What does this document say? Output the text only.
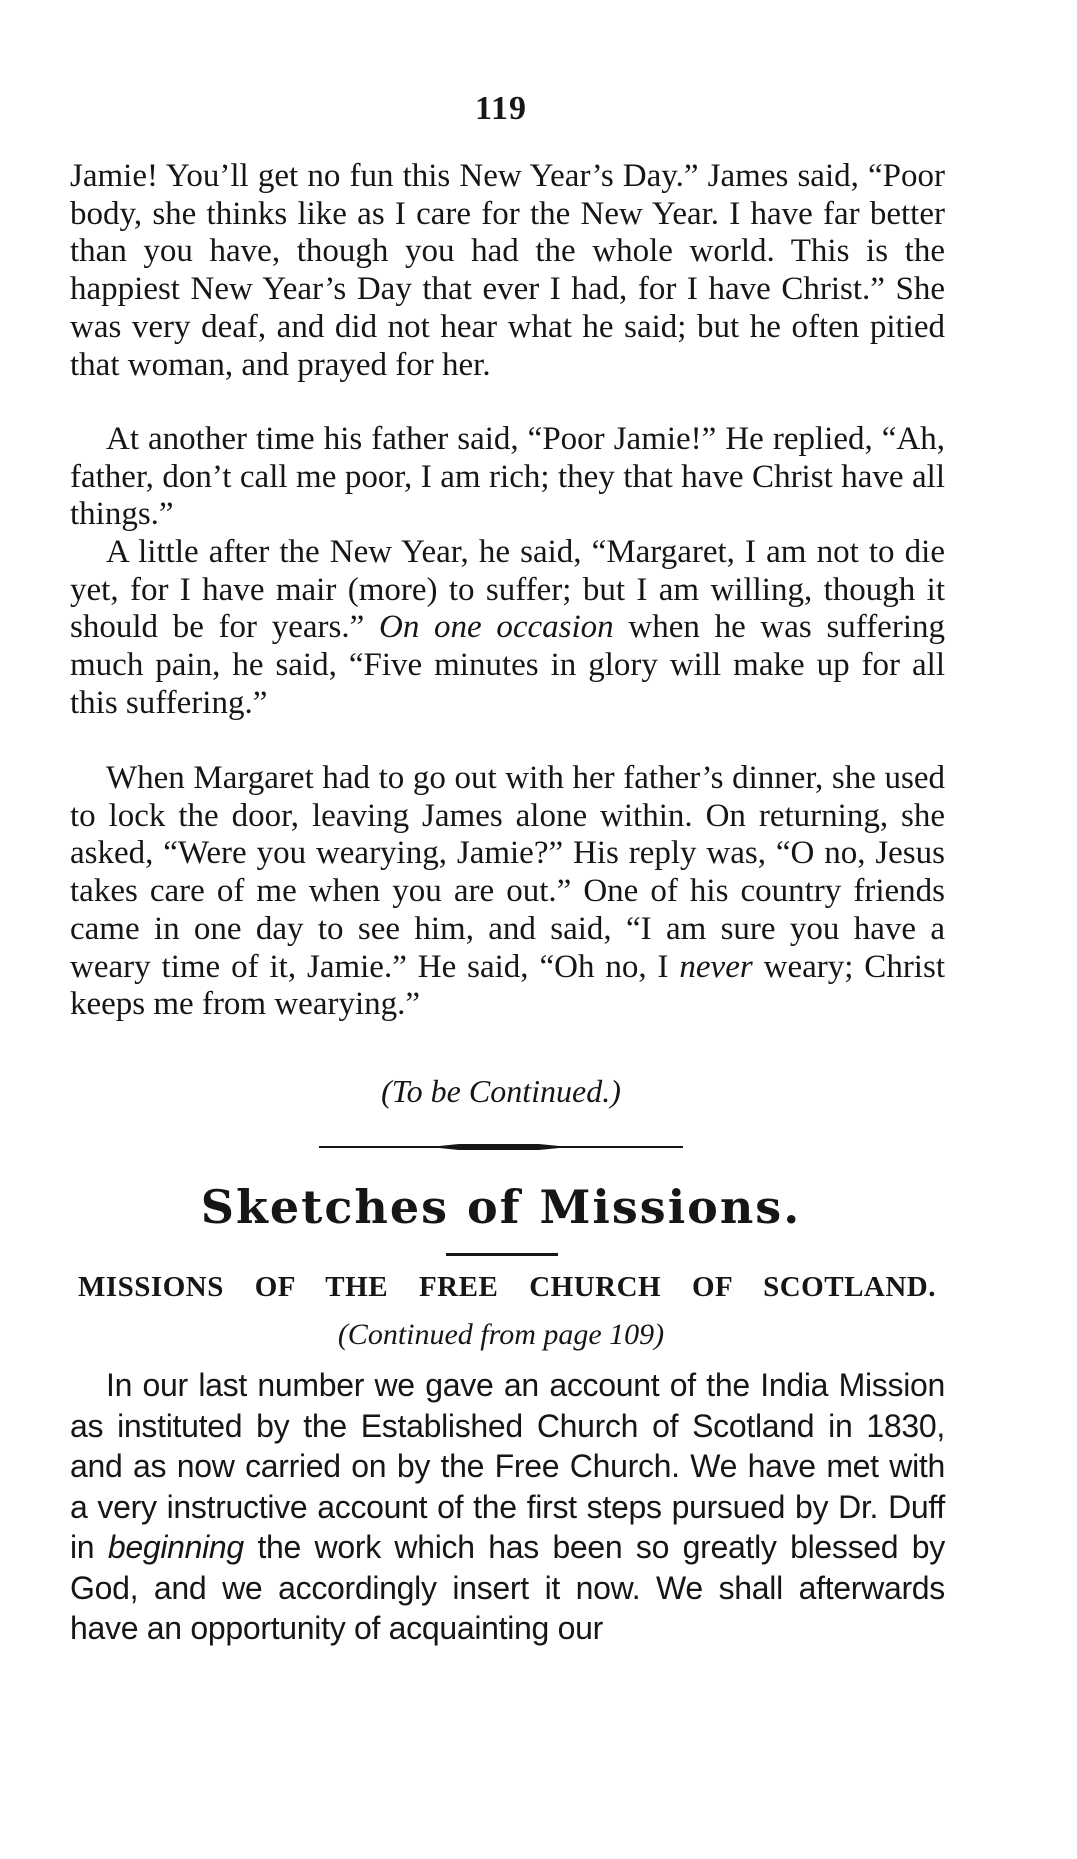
119

Jamie! You’ll get no fun this New Year’s Day.” James said, “Poor body, she thinks like as I care for the New Year. I have far better than you have, though you had the whole world. This is the happiest New Year’s Day that ever I had, for I have Christ.” She was very deaf, and did not hear what he said; but he often pitied that woman, and prayed for her.

At another time his father said, “Poor Jamie!” He replied, “Ah, father, don’t call me poor, I am rich; they that have Christ have all things.”

A little after the New Year, he said, “Margaret, I am not to die yet, for I have mair (more) to suffer; but I am willing, though it should be for years.” On one occasion when he was suffering much pain, he said, “Five minutes in glory will make up for all this suffering.”

When Margaret had to go out with her father’s dinner, she used to lock the door, leaving James alone within. On returning, she asked, “Were you wearying, Jamie?” His reply was, “O no, Jesus takes care of me when you are out.” One of his country friends came in one day to see him, and said, “I am sure you have a weary time of it, Jamie.” He said, “Oh no, I never weary; Christ keeps me from wearying.”

(To be Continued.)
Sketches of Missions.
MISSIONS OF THE FREE CHURCH OF SCOTLAND.
(Continued from page 109)

In our last number we gave an account of the India Mission as instituted by the Established Church of Scotland in 1830, and as now carried on by the Free Church. We have met with a very instructive account of the first steps pursued by Dr. Duff in beginning the work which has been so greatly blessed by God, and we accordingly insert it now. We shall afterwards have an opportunity of acquainting our
